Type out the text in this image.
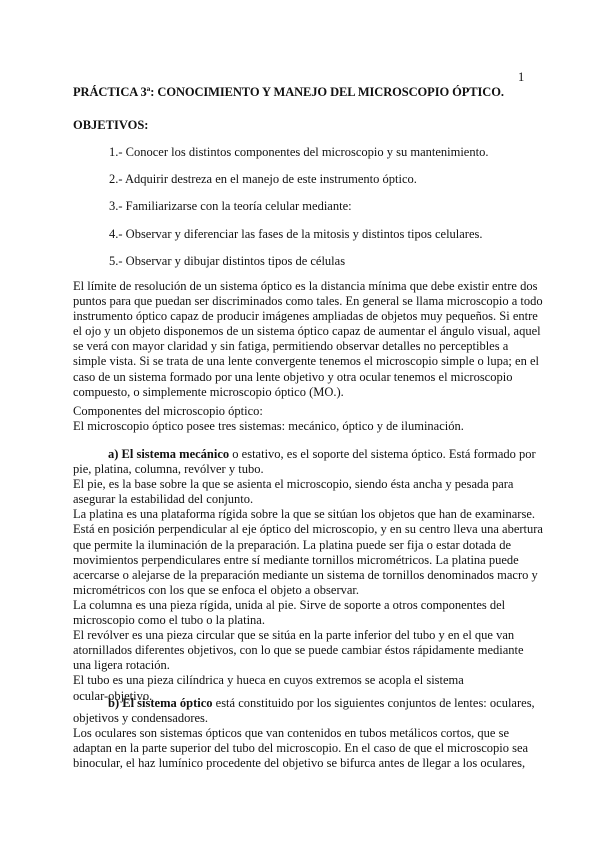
1
PRÁCTICA 3ª: CONOCIMIENTO Y MANEJO DEL MICROSCOPIO ÓPTICO.
OBJETIVOS:
1.- Conocer los distintos componentes del microscopio y su mantenimiento.
2.- Adquirir destreza en el manejo de este instrumento óptico.
3.- Familiarizarse con la teoría celular mediante:
4.- Observar y diferenciar las fases de la mitosis y distintos tipos celulares.
5.- Observar y dibujar distintos tipos de células
El límite de resolución de un sistema óptico es la distancia mínima que debe existir entre dos
puntos para que puedan ser discriminados como tales. En general se llama microscopio a todo
instrumento óptico capaz de producir imágenes ampliadas de objetos muy pequeños. Si entre
el ojo y un objeto disponemos de un sistema óptico capaz de aumentar el ángulo visual, aquel
se verá con mayor claridad y sin fatiga, permitiendo observar detalles no perceptibles a
simple vista. Si se trata de una lente convergente tenemos el microscopio simple o lupa; en el
caso de un sistema formado por una lente objetivo y otra ocular tenemos el microscopio
compuesto, o simplemente microscopio óptico (MO.).
Componentes del microscopio óptico:
El microscopio óptico posee tres sistemas: mecánico, óptico y de iluminación.
a) El sistema mecánico o estativo, es el soporte del sistema óptico. Está formado por
pie, platina, columna, revólver y tubo.
El pie, es la base sobre la que se asienta el microscopio, siendo ésta ancha y pesada para
asegurar la estabilidad del conjunto.
La platina es una plataforma rígida sobre la que se sitúan los objetos que han de examinarse.
Está en posición perpendicular al eje óptico del microscopio, y en su centro lleva una abertura
que permite la iluminación de la preparación. La platina puede ser fija o estar dotada de
movimientos perpendiculares entre sí mediante tornillos micrométricos. La platina puede
acercarse o alejarse de la preparación mediante un sistema de tornillos denominados macro y
micrométricos con los que se enfoca el objeto a observar.
La columna es una pieza rígida, unida al pie. Sirve de soporte a otros componentes del
microscopio como el tubo o la platina.
El revólver es una pieza circular que se sitúa en la parte inferior del tubo y en el que van
atornillados diferentes objetivos, con lo que se puede cambiar éstos rápidamente mediante
una ligera rotación.
El tubo es una pieza cilíndrica y hueca en cuyos extremos se acopla el sistema
ocular-objetivo.
b) El sistema óptico está constituido por los siguientes conjuntos de lentes: oculares,
objetivos y condensadores.
Los oculares son sistemas ópticos que van contenidos en tubos metálicos cortos, que se
adaptan en la parte superior del tubo del microscopio. En el caso de que el microscopio sea
binocular, el haz lumínico procedente del objetivo se bifurca antes de llegar a los oculares,
